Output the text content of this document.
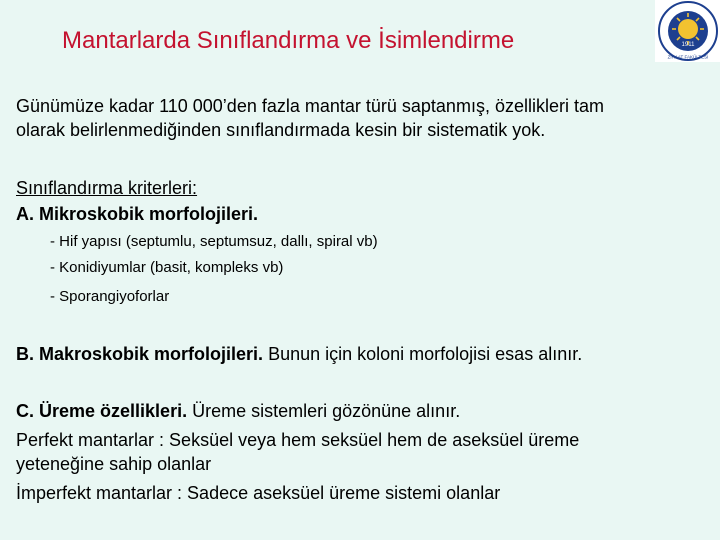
Mantarlarda Sınıflandırma ve İsimlendirme	1911
ZİRAAT FAKÜLTESİ
Günümüze kadar 110 000’den fazla mantar türü saptanmış, özellikleri tam
olarak belirlenmediğinden sınıflandırmada kesin bir sistematik yok.
Sınıflandırma kriterleri:
A. Mikroskobik morfolojileri.
- Hif yapısı (septumlu, septumsuz, dallı, spiral vb)
- Konidiyumlar (basit, kompleks vb)
- Sporangiyoforlar
B. Makroskobik morfolojileri. Bunun için koloni morfolojisi esas alınır.
C. Üreme özellikleri. Üreme sistemleri gözönüne alınır.
Perfekt mantarlar : Seksüel veya hem seksüel hem de aseksüel üreme
yeteneğine sahip olanlar
İmperfekt mantarlar : Sadece aseksüel üreme sistemi olanlar
